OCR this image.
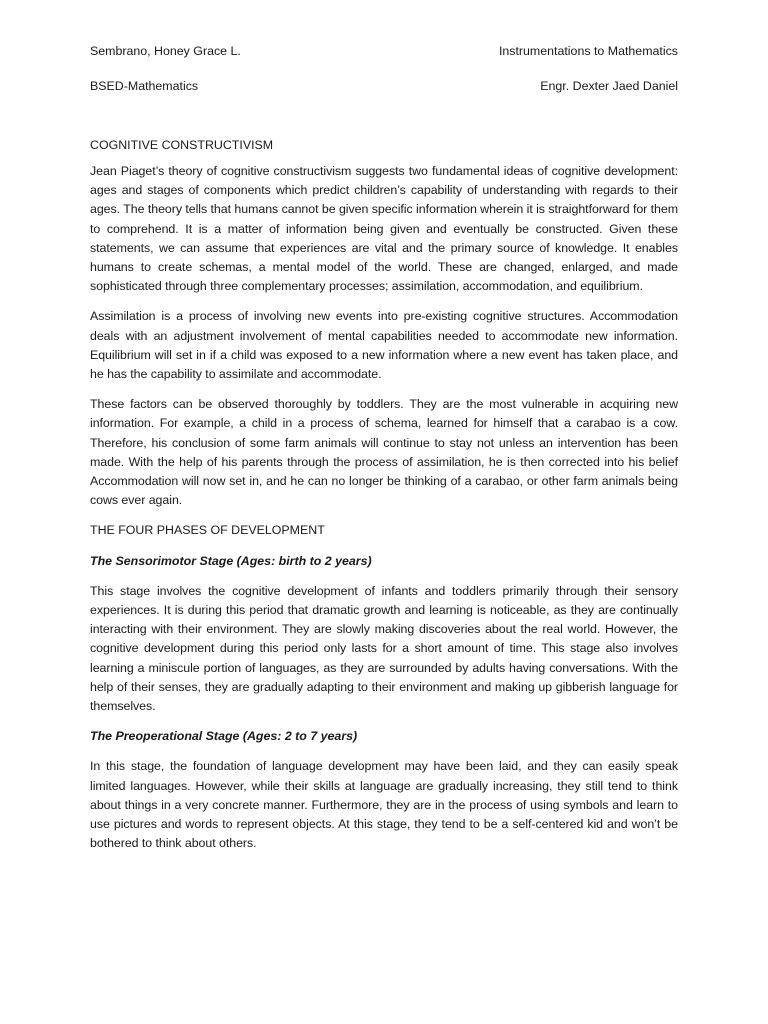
Sembrano, Honey Grace L.	Instrumentations to Mathematics
BSED-Mathematics	Engr. Dexter Jaed Daniel
COGNITIVE CONSTRUCTIVISM

Jean Piaget’s theory of cognitive constructivism suggests two fundamental ideas of cognitive development: ages and stages of components which predict children’s capability of understanding with regards to their ages. The theory tells that humans cannot be given specific information wherein it is straightforward for them to comprehend. It is a matter of information being given and eventually be constructed. Given these statements, we can assume that experiences are vital and the primary source of knowledge. It enables humans to create schemas, a mental model of the world. These are changed, enlarged, and made sophisticated through three complementary processes; assimilation, accommodation, and equilibrium.

Assimilation is a process of involving new events into pre-existing cognitive structures. Accommodation deals with an adjustment involvement of mental capabilities needed to accommodate new information. Equilibrium will set in if a child was exposed to a new information where a new event has taken place, and he has the capability to assimilate and accommodate.

These factors can be observed thoroughly by toddlers. They are the most vulnerable in acquiring new information. For example, a child in a process of schema, learned for himself that a carabao is a cow. Therefore, his conclusion of some farm animals will continue to stay not unless an intervention has been made. With the help of his parents through the process of assimilation, he is then corrected into his belief Accommodation will now set in, and he can no longer be thinking of a carabao, or other farm animals being cows ever again.

THE FOUR PHASES OF DEVELOPMENT
The Sensorimotor Stage (Ages: birth to 2 years)

This stage involves the cognitive development of infants and toddlers primarily through their sensory experiences. It is during this period that dramatic growth and learning is noticeable, as they are continually interacting with their environment. They are slowly making discoveries about the real world. However, the cognitive development during this period only lasts for a short amount of time. This stage also involves learning a miniscule portion of languages, as they are surrounded by adults having conversations. With the help of their senses, they are gradually adapting to their environment and making up gibberish language for themselves.

The Preoperational Stage (Ages: 2 to 7 years)

In this stage, the foundation of language development may have been laid, and they can easily speak limited languages. However, while their skills at language are gradually increasing, they still tend to think about things in a very concrete manner. Furthermore, they are in the process of using symbols and learn to use pictures and words to represent objects. At this stage, they tend to be a self-centered kid and won’t be bothered to think about others.
